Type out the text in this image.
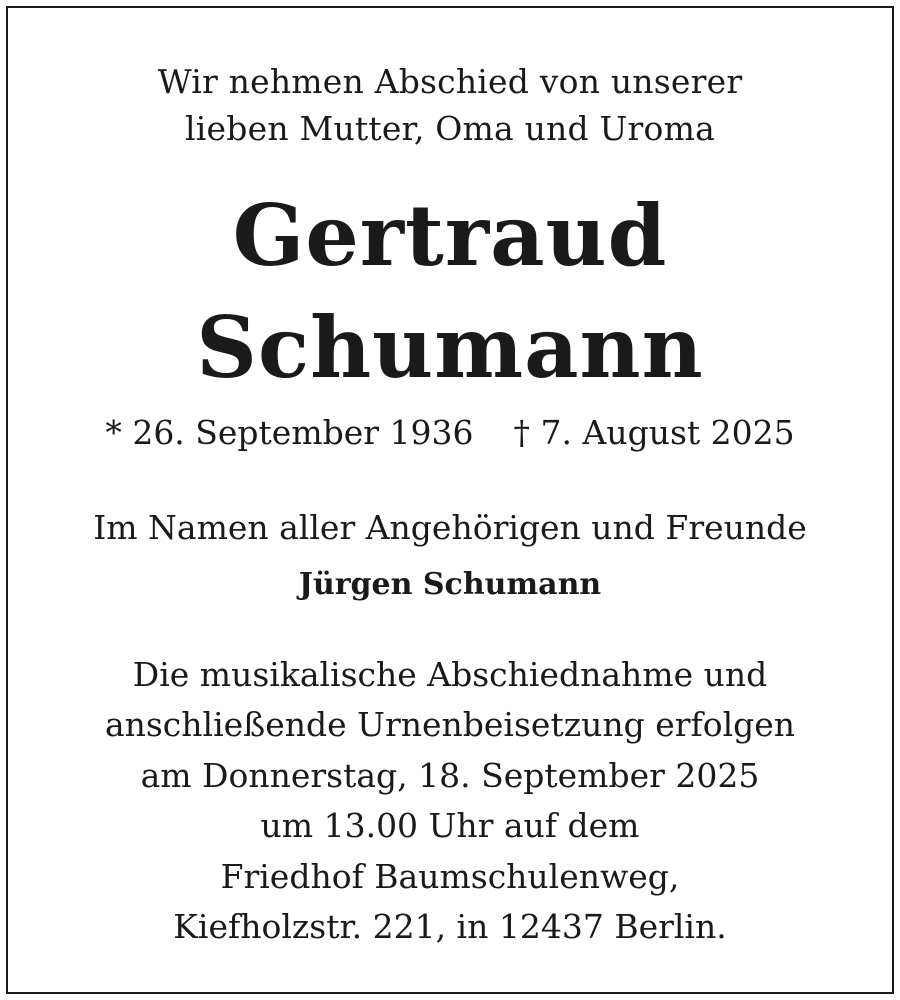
Wir nehmen Abschied von unserer
lieben Mutter, Oma und Uroma
Gertraud
Schumann
* 26. September 1936 † 7. August 2025
Im Namen aller Angehörigen und Freunde
Jürgen Schumann
Die musikalische Abschiednahme und
anschließende Urnenbeisetzung erfolgen
am Donnerstag, 18. September 2025
um 13.00 Uhr auf dem
Friedhof Baumschulenweg,
Kiefholzstr. 221, in 12437 Berlin.
